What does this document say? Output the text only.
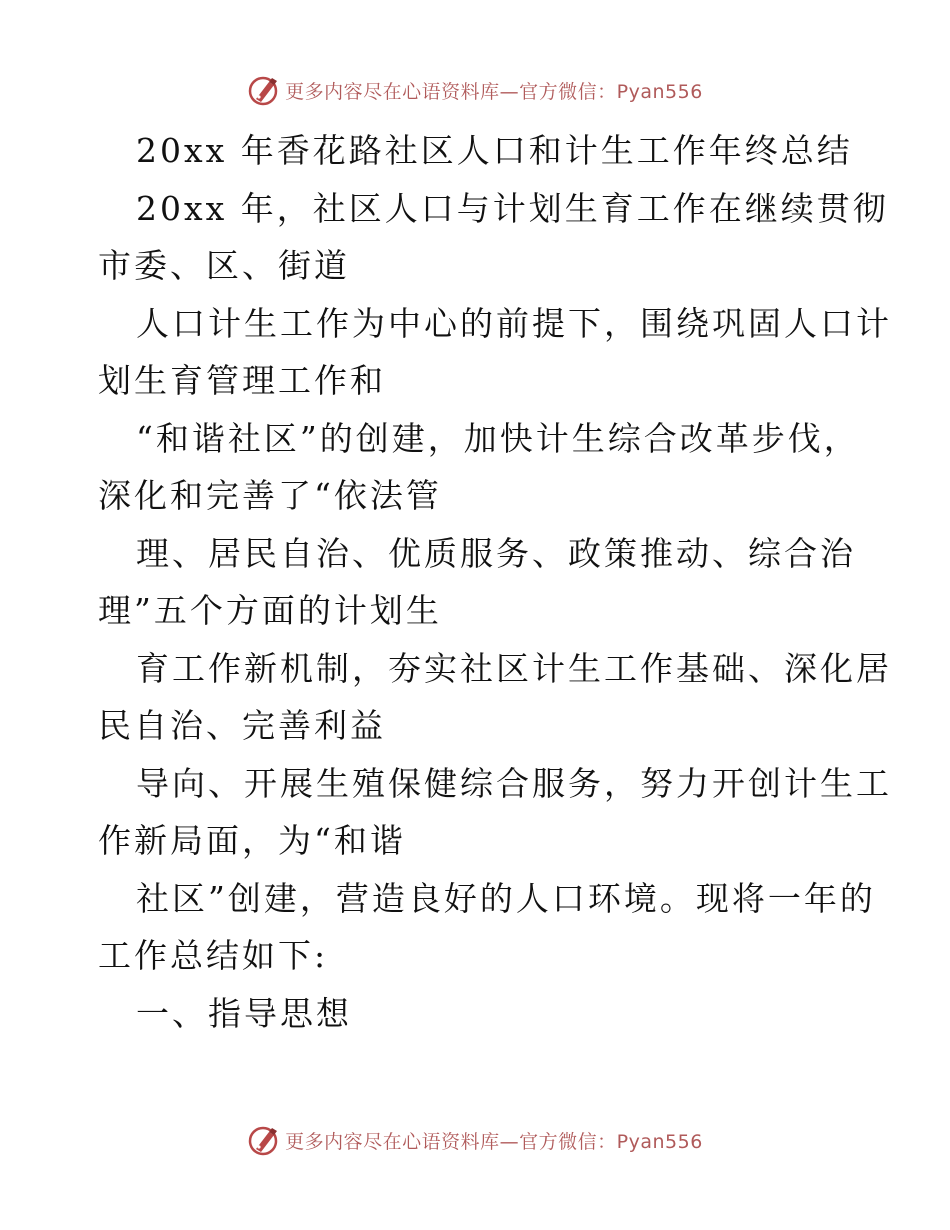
更多内容尽在心语资料库—官方微信：Pyan556
20xx 年香花路社区人口和计生工作年终总结
20xx 年，社区人口与计划生育工作在继续贯彻
市委、区、街道
人口计生工作为中心的前提下，围绕巩固人口计
划生育管理工作和
“和谐社区”的创建，加快计生综合改革步伐，
深化和完善了“依法管
理、居民自治、优质服务、政策推动、综合治
理”五个方面的计划生
育工作新机制，夯实社区计生工作基础、深化居
民自治、完善利益
导向、开展生殖保健综合服务，努力开创计生工
作新局面，为“和谐
社区”创建，营造良好的人口环境。现将一年的
工作总结如下:
一、指导思想
更多内容尽在心语资料库—官方微信：Pyan556
